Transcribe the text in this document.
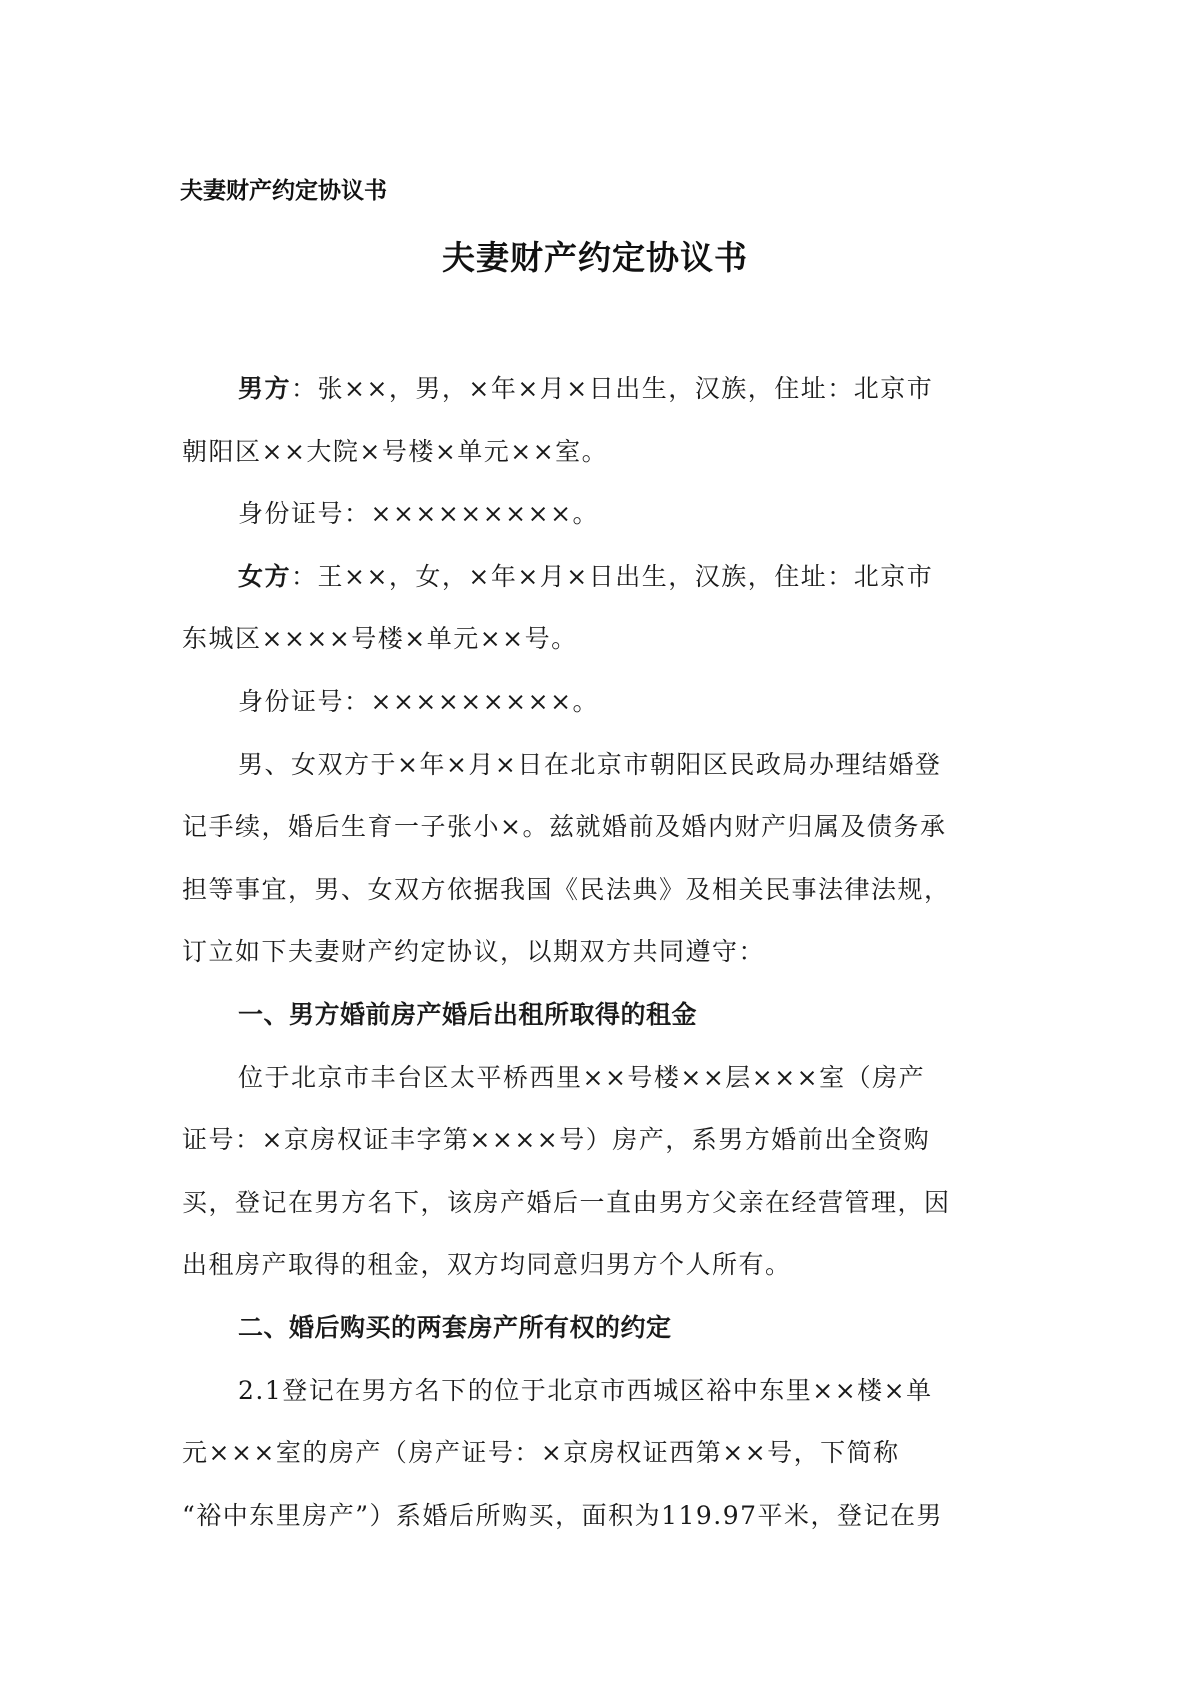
夫妻财产约定协议书
夫妻财产约定协议书
男方：张××，男，×年×月×日出生，汉族，住址：北京市
朝阳区××大院×号楼×单元××室。
身份证号：×××××××××。
女方：王××，女，×年×月×日出生，汉族，住址：北京市
东城区××××号楼×单元××号。
身份证号：×××××××××。
男、女双方于×年×月×日在北京市朝阳区民政局办理结婚登
记手续，婚后生育一子张小×。兹就婚前及婚内财产归属及债务承
担等事宜，男、女双方依据我国《民法典》及相关民事法律法规，
订立如下夫妻财产约定协议，以期双方共同遵守：
一、男方婚前房产婚后出租所取得的租金
位于北京市丰台区太平桥西里××号楼××层×××室（房产
证号：×京房权证丰字第××××号）房产，系男方婚前出全资购
买，登记在男方名下，该房产婚后一直由男方父亲在经营管理，因
出租房产取得的租金，双方均同意归男方个人所有。
二、婚后购买的两套房产所有权的约定
2.1登记在男方名下的位于北京市西城区裕中东里××楼×单
元×××室的房产（房产证号：×京房权证西第××号，下简称
“裕中东里房产”）系婚后所购买，面积为119.97平米，登记在男
